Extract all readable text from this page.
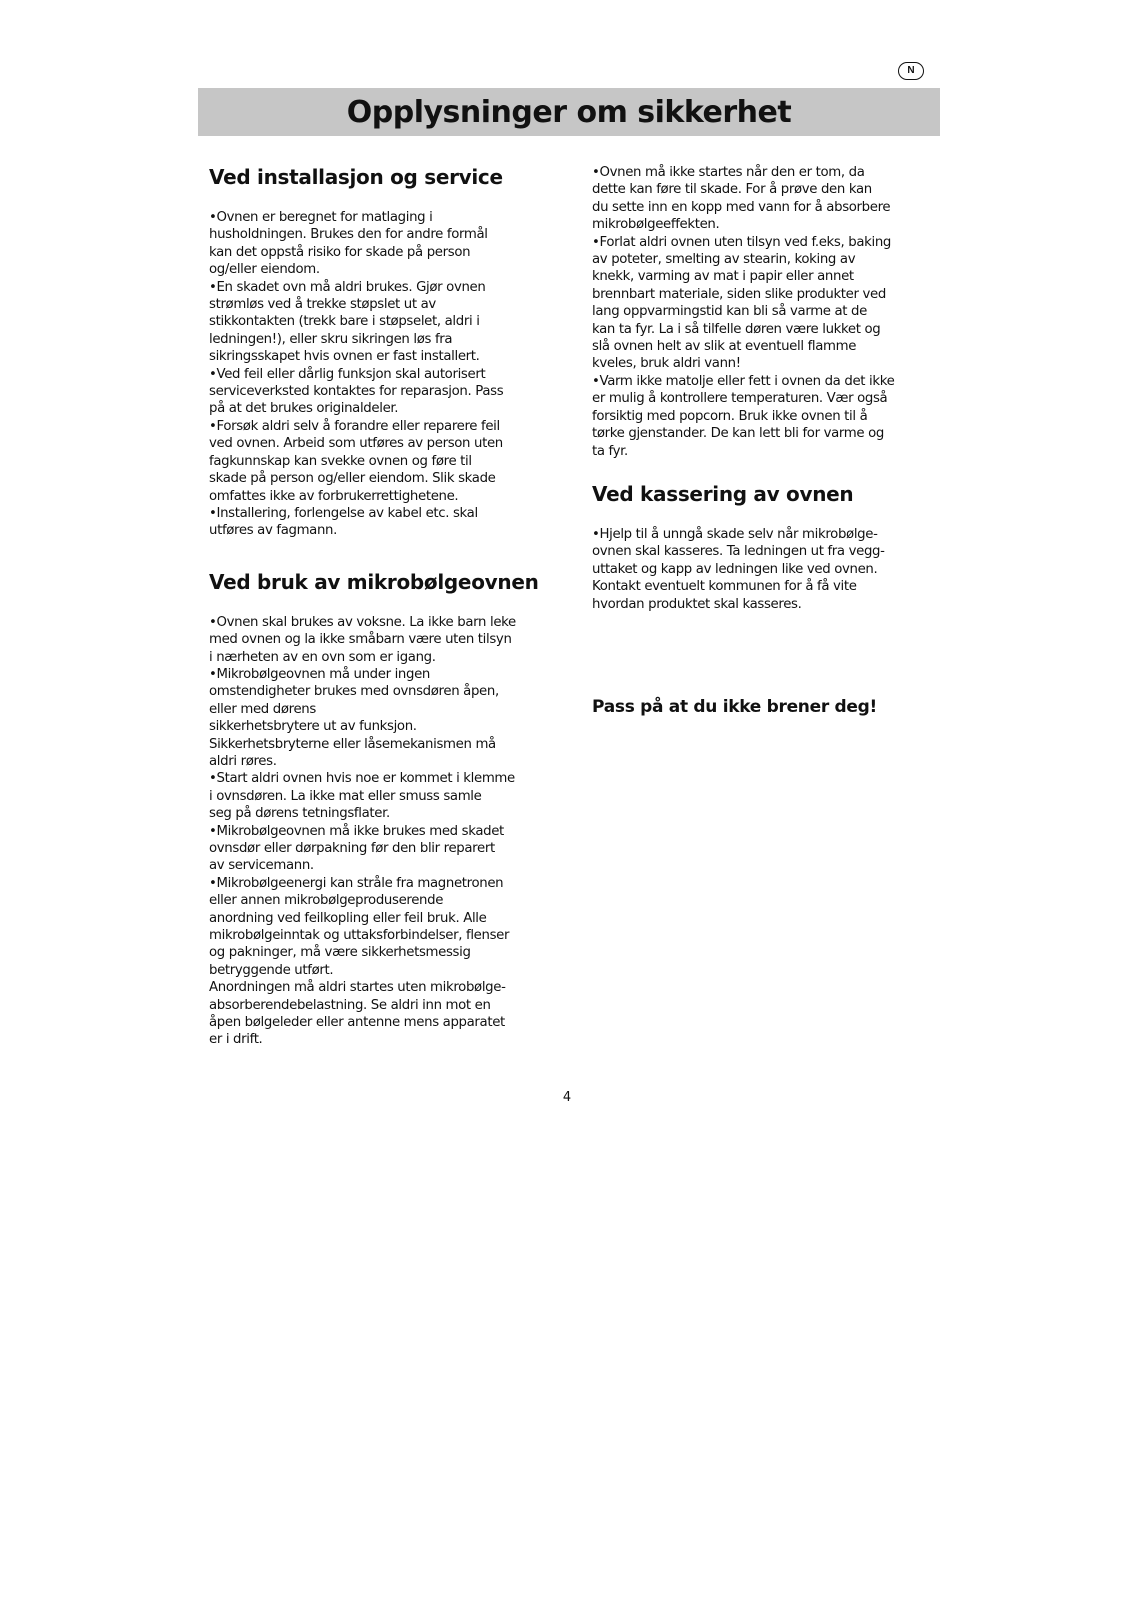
N
Opplysninger om sikkerhet
Ved installasjon og service

•Ovnen er beregnet for matlaging i
husholdningen. Brukes den for andre formål
kan det oppstå risiko for skade på person
og/eller eiendom.
•En skadet ovn må aldri brukes. Gjør ovnen
strømløs ved å trekke støpslet ut av
stikkontakten (trekk bare i støpselet, aldri i
ledningen!), eller skru sikringen løs fra
sikringsskapet hvis ovnen er fast installert.
•Ved feil eller dårlig funksjon skal autorisert
serviceverksted kontaktes for reparasjon. Pass
på at det brukes originaldeler.
•Forsøk aldri selv å forandre eller reparere feil
ved ovnen. Arbeid som utføres av person uten
fagkunnskap kan svekke ovnen og føre til
skade på person og/eller eiendom. Slik skade
omfattes ikke av forbrukerrettighetene.
•Installering, forlengelse av kabel etc. skal
utføres av fagmann.

Ved bruk av mikrobølgeovnen

•Ovnen skal brukes av voksne. La ikke barn leke
med ovnen og la ikke småbarn være uten tilsyn
i nærheten av en ovn som er igang.
•Mikrobølgeovnen må under ingen
omstendigheter brukes med ovnsdøren åpen,
eller med dørens
sikkerhetsbrytere ut av funksjon.
Sikkerhetsbryterne eller låsemekanismen må
aldri røres.
•Start aldri ovnen hvis noe er kommet i klemme
i ovnsdøren. La ikke mat eller smuss samle
seg på dørens tetningsflater.
•Mikrobølgeovnen må ikke brukes med skadet
ovnsdør eller dørpakning før den blir reparert
av servicemann.
•Mikrobølgeenergi kan stråle fra magnetronen
eller annen mikrobølgeproduserende
anordning ved feilkopling eller feil bruk. Alle
mikrobølgeinntak og uttaksforbindelser, flenser
og pakninger, må være sikkerhetsmessig
betryggende utført.
Anordningen må aldri startes uten mikrobølge-
absorberendebelastning. Se aldri inn mot en
åpen bølgeleder eller antenne mens apparatet
er i drift.

•Ovnen må ikke startes når den er tom, da
dette kan føre til skade. For å prøve den kan
du sette inn en kopp med vann for å absorbere
mikrobølgeeffekten.
•Forlat aldri ovnen uten tilsyn ved f.eks, baking
av poteter, smelting av stearin, koking av
knekk, varming av mat i papir eller annet
brennbart materiale, siden slike produkter ved
lang oppvarmingstid kan bli så varme at de
kan ta fyr. La i så tilfelle døren være lukket og
slå ovnen helt av slik at eventuell flamme
kveles, bruk aldri vann!
•Varm ikke matolje eller fett i ovnen da det ikke
er mulig å kontrollere temperaturen. Vær også
forsiktig med popcorn. Bruk ikke ovnen til å
tørke gjenstander. De kan lett bli for varme og
ta fyr.

Ved kassering av ovnen

•Hjelp til å unngå skade selv når mikrobølge-
ovnen skal kasseres. Ta ledningen ut fra vegg-
uttaket og kapp av ledningen like ved ovnen.
Kontakt eventuelt kommunen for å få vite
hvordan produktet skal kasseres.

Pass på at du ikke brener deg!

4
